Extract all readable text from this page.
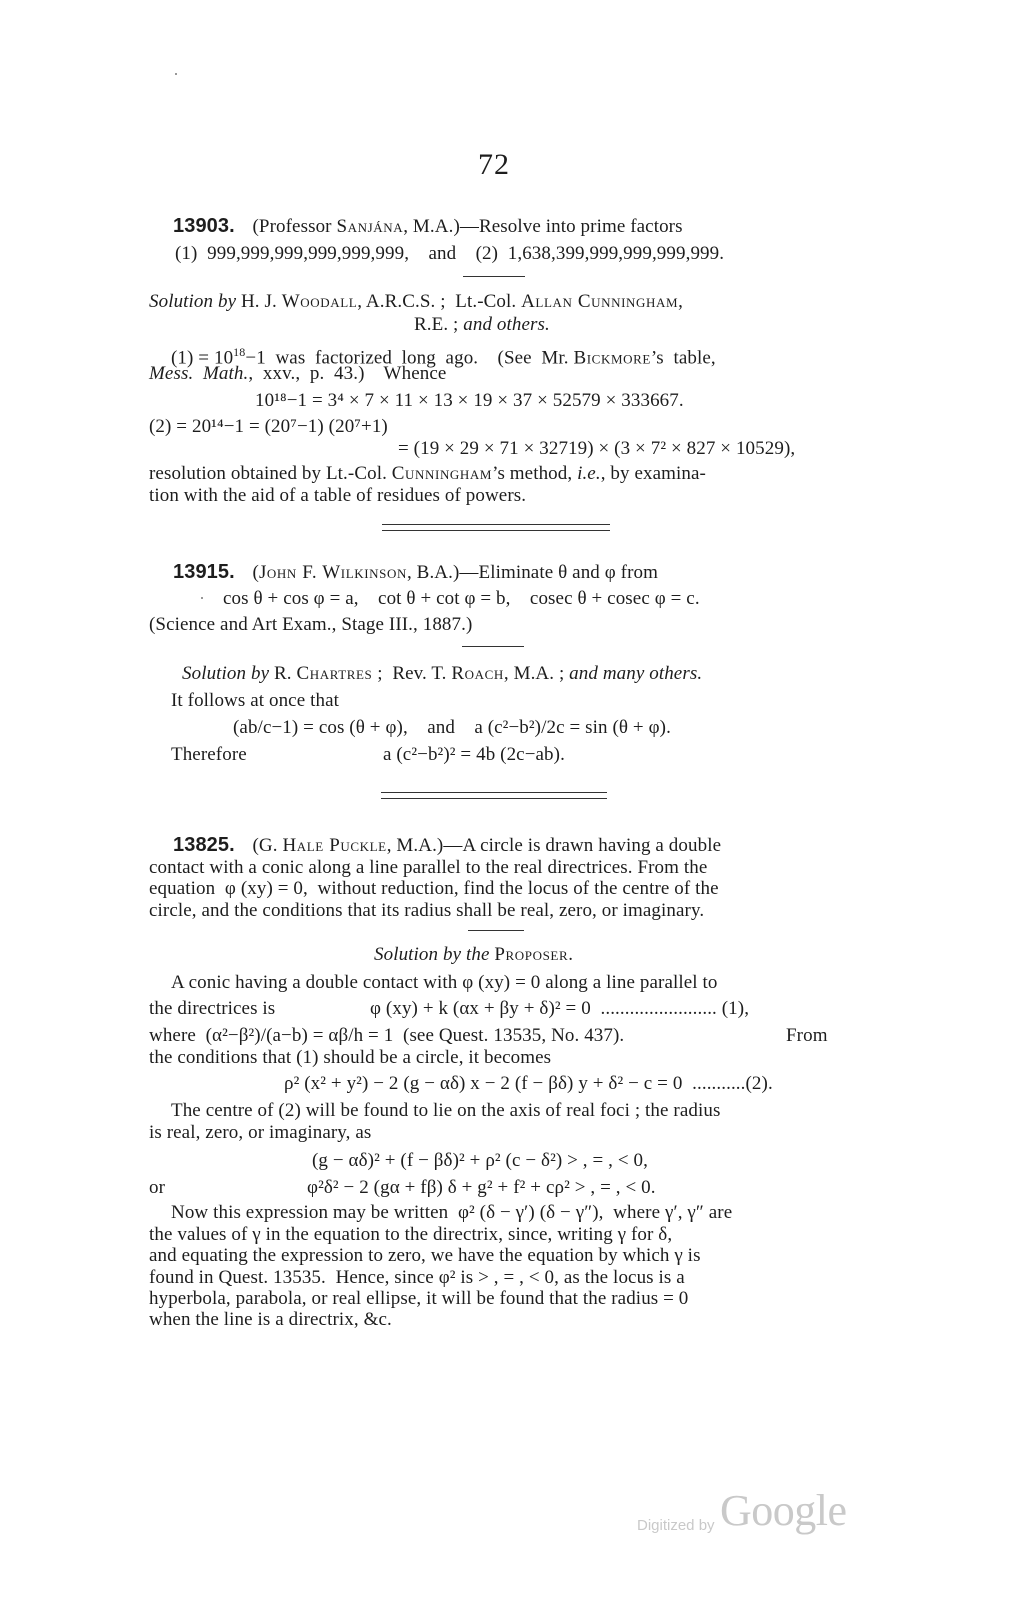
72
13903. (Professor Sanjána, M.A.)—Resolve into prime factors
(1)  999,999,999,999,999,999,    and    (2)  1,638,399,999,999,999,999.
Solution by H. J. Woodall, A.R.C.S. ;  Lt.-Col. Allan Cunningham,
R.E. ; and others.
$(1) = 10^{18}-1$  was  factorized  long  ago.    (See  Mr. Bickmore’s  table,
Mess.  Math.,  xxv.,  p.  43.)    Whence
10¹⁸−1 = 3⁴ × 7 × 11 × 13 × 19 × 37 × 52579 × 333667.
(2) = 20¹⁴−1 = (20⁷−1) (20⁷+1)
= (19 × 29 × 71 × 32719) × (3 × 7² × 827 × 10529),
resolution obtained by Lt.-Col. Cunningham’s method, i.e., by examina-
tion with the aid of a table of residues of powers.
13915. (John F. Wilkinson, B.A.)—Eliminate θ and φ from
cos θ + cos φ = a,    cot θ + cot φ = b,    cosec θ + cosec φ = c.
(Science and Art Exam., Stage III., 1887.)
Solution by R. Chartres ;  Rev. T. Roach, M.A. ; and many others.
It follows at once that
(ab/c−1) = cos (θ + φ),    and    a (c²−b²)/2c = sin (θ + φ).
Therefore	a (c²−b²)² = 4b (2c−ab).
13825. (G. Hale Puckle, M.A.)—A circle is drawn having a double
contact with a conic along a line parallel to the real directrices. From the
equation  φ (xy) = 0,  without reduction, find the locus of the centre of the
circle, and the conditions that its radius shall be real, zero, or imaginary.
Solution by the Proposer.
A conic having a double contact with φ (xy) = 0 along a line parallel to
the directrices is	φ (xy) + k (αx + βy + δ)² = 0  ........................ (1),
where  (α²−β²)/(a−b) = αβ/h = 1  (see Quest. 13535, No. 437).	From
the conditions that (1) should be a circle, it becomes
ρ² (x² + y²) − 2 (g − αδ) x − 2 (f − βδ) y + δ² − c = 0  ...........(2).
The centre of (2) will be found to lie on the axis of real foci ; the radius
is real, zero, or imaginary, as
(g − αδ)² + (f − βδ)² + ρ² (c − δ²) > , = , < 0,
or	φ²δ² − 2 (gα + fβ) δ + g² + f² + cρ² > , = , < 0.
Now this expression may be written  φ² (δ − γ′) (δ − γ″),  where γ′, γ″ are
the values of γ in the equation to the directrix, since, writing γ for δ,
and equating the expression to zero, we have the equation by which γ is
found in Quest. 13535.  Hence, since φ² is > , = , < 0, as the locus is a
hyperbola, parabola, or real ellipse, it will be found that the radius = 0
when the line is a directrix, &c.
Digitized by Google
